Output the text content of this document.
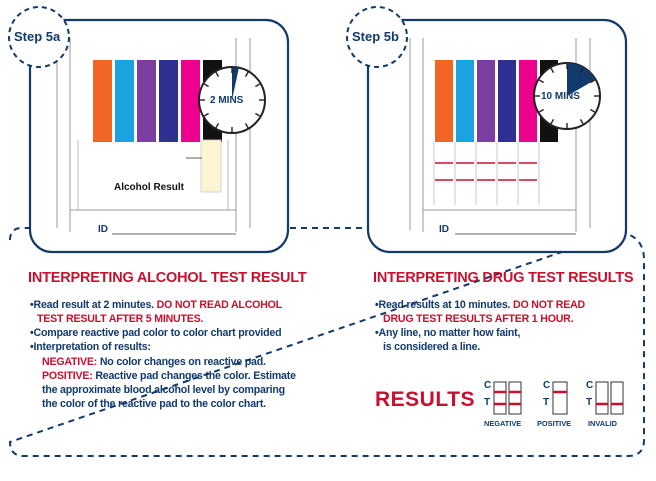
Step 5a	Step 5b
2 MINS	10 MINS
Alcohol Result
ID	ID
INTERPRETING ALCOHOL TEST RESULT	INTERPRETING DRUG TEST RESULTS
•Read result at 2 minutes. DO NOT READ ALCOHOL
TEST RESULT AFTER 5 MINUTES.
•Compare reactive pad color to color chart provided
•Interpretation of results:
NEGATIVE: No color changes on reactive pad.
POSITIVE: Reactive pad changes the color. Estimate
the approximate blood alcohol level by comparing
the color of the reactive pad to the color chart.
•Read results at 10 minutes. DO NOT READ
DRUG TEST RESULTS AFTER 1 HOUR.
•Any line, no matter how faint,
is considered a line.
RESULTS
C
T
C
T
C
T
NEGATIVE POSITIVE INVALID
